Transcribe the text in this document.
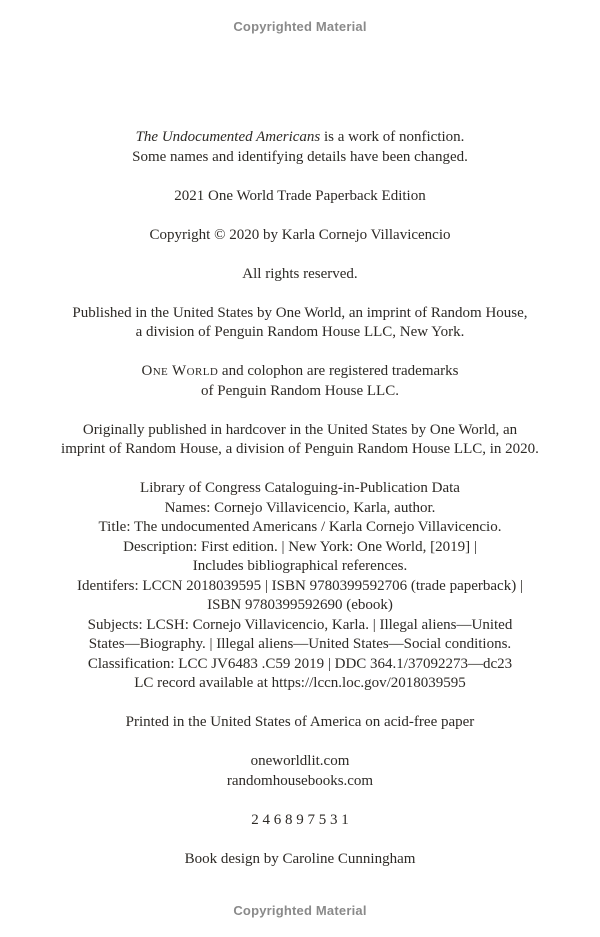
Copyrighted Material

The Undocumented Americans is a work of nonfiction.
Some names and identifying details have been changed.

2021 One World Trade Paperback Edition

Copyright © 2020 by Karla Cornejo Villavicencio

All rights reserved.

Published in the United States by One World, an imprint of Random House,
a division of Penguin Random House LLC, New York.

One World and colophon are registered trademarks
of Penguin Random House LLC.

Originally published in hardcover in the United States by One World, an
imprint of Random House, a division of Penguin Random House LLC, in 2020.

Library of Congress Cataloguing-in-Publication Data
Names: Cornejo Villavicencio, Karla, author.
Title: The undocumented Americans / Karla Cornejo Villavicencio.
Description: First edition. | New York: One World, [2019] |
Includes bibliographical references.
Identifers: LCCN 2018039595 | ISBN 9780399592706 (trade paperback) |
ISBN 9780399592690 (ebook)
Subjects: LCSH: Cornejo Villavicencio, Karla. | Illegal aliens—United
States—Biography. | Illegal aliens—United States—Social conditions.
Classification: LCC JV6483 .C59 2019 | DDC 364.1/37092273—dc23
LC record available at https://lccn.loc.gov/2018039595

Printed in the United States of America on acid-free paper

oneworldlit.com
randomhousebooks.com

2 4 6 8 9 7 5 3 1

Book design by Caroline Cunningham

Copyrighted Material
